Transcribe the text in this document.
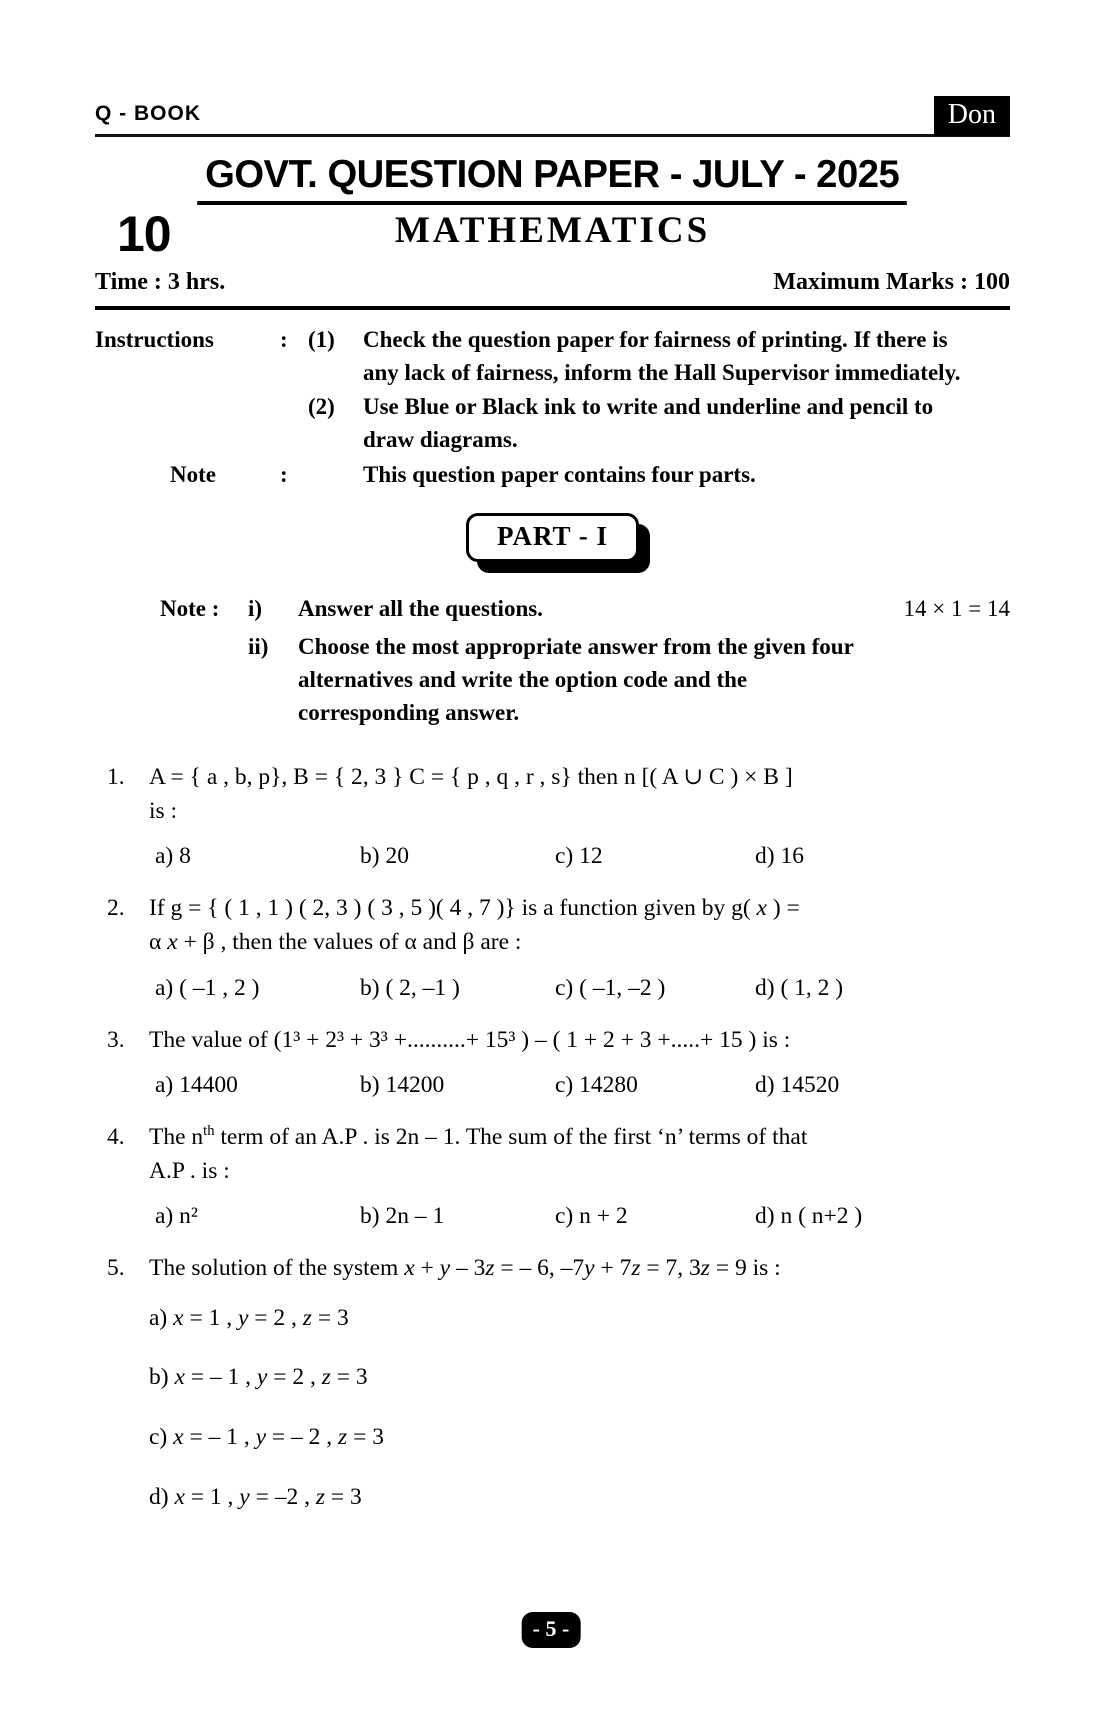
Q - BOOK	Don
GOVT. QUESTION PAPER - JULY - 2025
10	MATHEMATICS
Time : 3 hrs.	Maximum Marks : 100
Instructions	: (1)	Check the question paper for fairness of printing. If there is any lack of fairness, inform the Hall Supervisor immediately.
(2)	Use Blue or Black ink to write and underline and pencil to draw diagrams.
Note	:	This question paper contains four parts.
PART - I
Note :	i)	Answer all the questions.	14 × 1 = 14
ii)	Choose the most appropriate answer from the given four alternatives and write the option code and the corresponding answer.
1.	A = { a , b, p}, B = { 2, 3 } C = { p , q , r , s} then n [( A ∪ C ) × B ]
is :
a) 8	b) 20	c) 12	d) 16
2.	If g = { ( 1 , 1 ) ( 2, 3 ) ( 3 , 5 )( 4 , 7 )} is a function given by g( x ) =
α x + β , then the values of α and β are :
a) ( –1 , 2 )	b) ( 2, –1 )	c) ( –1, –2 )	d) ( 1, 2 )
3.	The value of (1³ + 2³ + 3³ +..........+ 15³ ) – ( 1 + 2 + 3 +.....+ 15 ) is :
a) 14400	b) 14200	c) 14280	d) 14520
4.	The $n^{th}$ term of an A.P . is 2n – 1. The sum of the first ‘n’ terms of that
A.P . is :
a) n²	b) 2n – 1	c) n + 2	d) n ( n+2 )
5.	The solution of the system x + y – 3z = – 6, –7y + 7z = 7, 3z = 9 is :
a) x = 1 , y = 2 , z = 3
b) x = – 1 , y = 2 , z = 3
c) x = – 1 , y = – 2 , z = 3
d) x = 1 , y = –2 , z = 3
- 5 -
